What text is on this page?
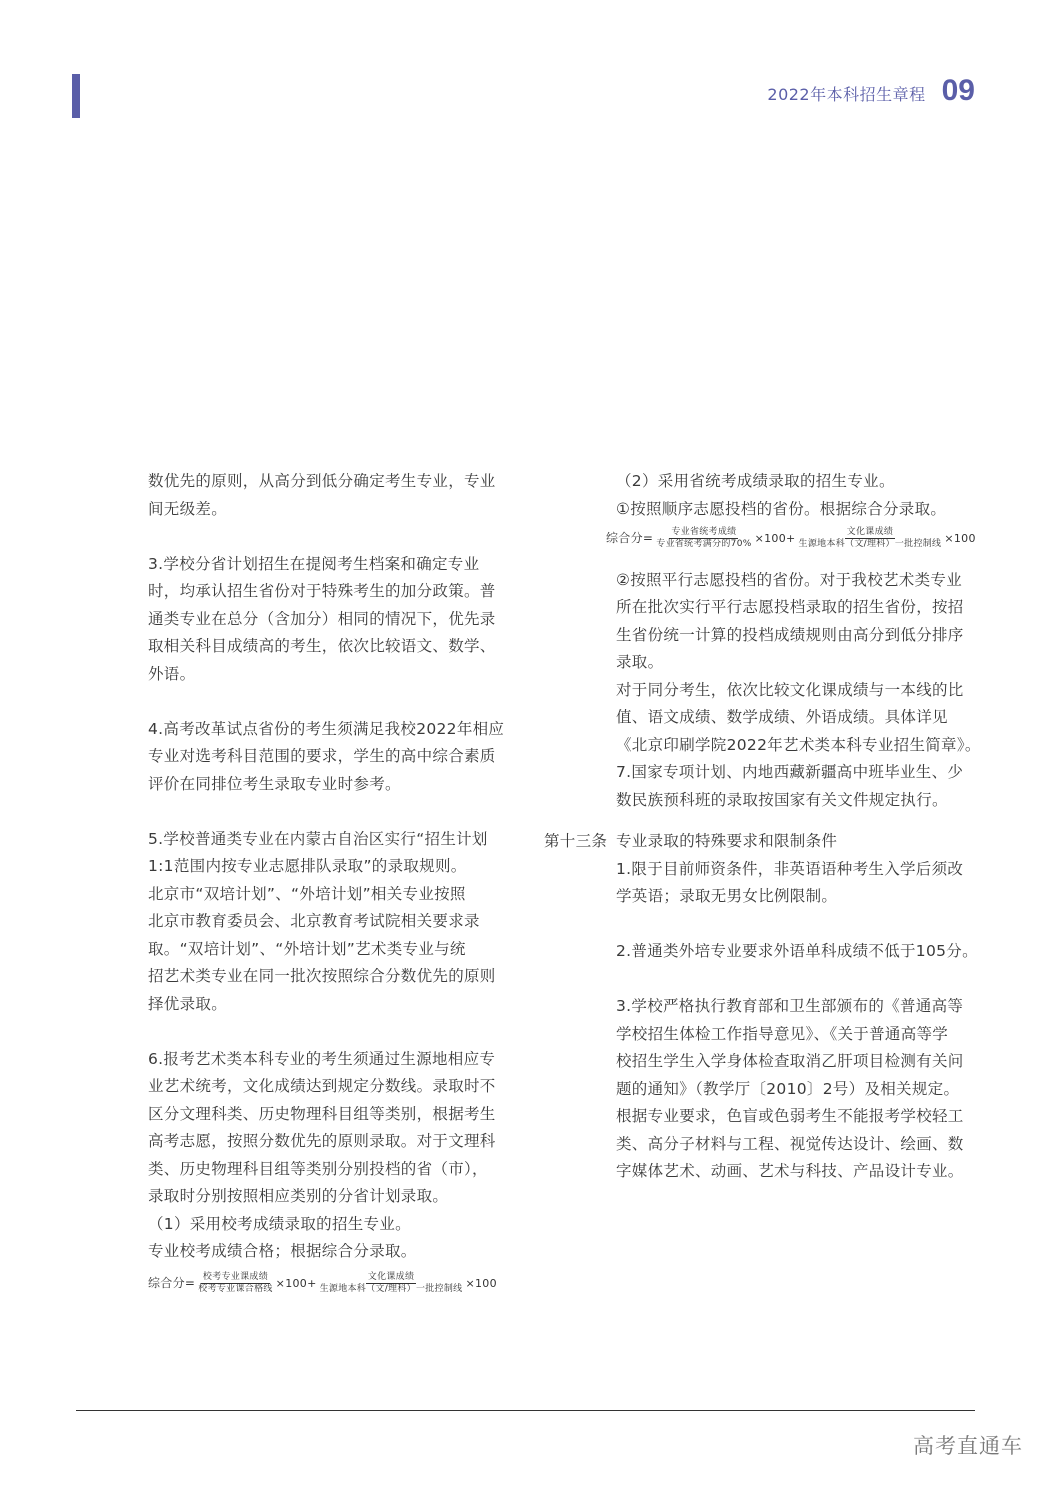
2022年本科招生章程 09

数优先的原则，从高分到低分确定考生专业，专业

间无级差。

3.学校分省计划招生在提阅考生档案和确定专业

时，均承认招生省份对于特殊考生的加分政策。普

通类专业在总分（含加分）相同的情况下，优先录

取相关科目成绩高的考生，依次比较语文、数学、

外语。

4.高考改革试点省份的考生须满足我校2022年相应

专业对选考科目范围的要求，学生的高中综合素质

评价在同排位考生录取专业时参考。

5.学校普通类专业在内蒙古自治区实行“招生计划

1:1范围内按专业志愿排队录取”的录取规则。

北京市“双培计划”、“外培计划”相关专业按照

北京市教育委员会、北京教育考试院相关要求录

取。“双培计划”、“外培计划”艺术类专业与统

招艺术类专业在同一批次按照综合分数优先的原则

择优录取。

6.报考艺术类本科专业的考生须通过生源地相应专

业艺术统考，文化成绩达到规定分数线。录取时不

区分文理科类、历史物理科目组等类别，根据考生

高考志愿，按照分数优先的原则录取。对于文理科

类、历史物理科目组等类别分别投档的省（市），

录取时分别按照相应类别的分省计划录取。

（1）采用校考成绩录取的招生专业。

专业校考成绩合格；根据综合分录取。

综合分= $\frac{\text{校考专业课成绩}}{\text{校考专业课合格线}} \times 100+ \frac{\text{文化课成绩}}{\text{生源地本科（文/理科）一批控制线}} \times 100$

（2）采用省统考成绩录取的招生专业。

①按照顺序志愿投档的省份。根据综合分录取。

综合分= $\frac{\text{专业省统考成绩}}{\text{专业省统考满分的70\%}} \times 100+ \frac{\text{文化课成绩}}{\text{生源地本科（文/理科）一批控制线}} \times 100$

②按照平行志愿投档的省份。对于我校艺术类专业

所在批次实行平行志愿投档录取的招生省份，按招

生省份统一计算的投档成绩规则由高分到低分排序

录取。

对于同分考生，依次比较文化课成绩与一本线的比

值、语文成绩、数学成绩、外语成绩。具体详见

《北京印刷学院2022年艺术类本科专业招生简章》。

7.国家专项计划、内地西藏新疆高中班毕业生、少

数民族预科班的录取按国家有关文件规定执行。

第十三条 专业录取的特殊要求和限制条件

1.限于目前师资条件，非英语语种考生入学后须改

学英语；录取无男女比例限制。

2.普通类外培专业要求外语单科成绩不低于105分。

3.学校严格执行教育部和卫生部颁布的《普通高等

学校招生体检工作指导意见》、《关于普通高等学

校招生学生入学身体检查取消乙肝项目检测有关问

题的通知》（教学厅〔2010〕2号）及相关规定。

根据专业要求，色盲或色弱考生不能报考学校轻工

类、高分子材料与工程、视觉传达设计、绘画、数

字媒体艺术、动画、艺术与科技、产品设计专业。

高考直通车
